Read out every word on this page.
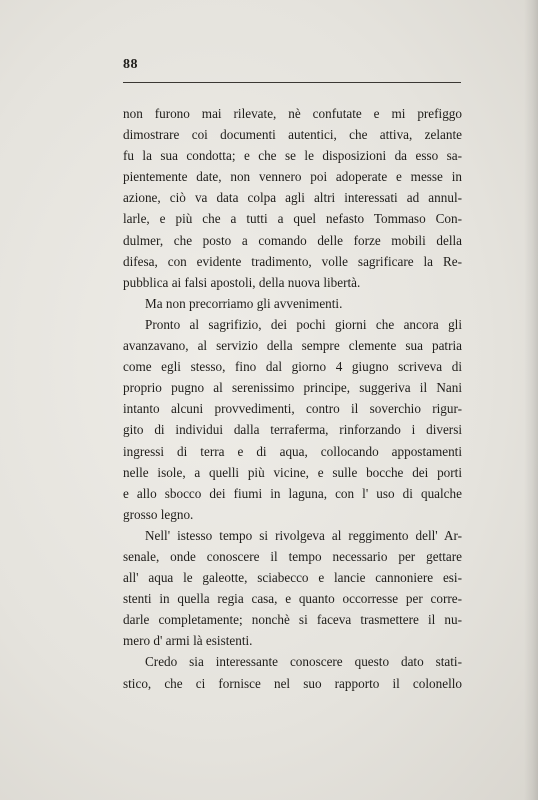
88
non furono mai rilevate, nè confutate e mi prefiggo
dimostrare coi documenti autentici, che attiva, zelante
fu la sua condotta; e che se le disposizioni da esso sa-
pientemente date, non vennero poi adoperate e messe in
azione, ciò va data colpa agli altri interessati ad annul-
larle, e più che a tutti a quel nefasto Tommaso Con-
dulmer, che posto a comando delle forze mobili della
difesa, con evidente tradimento, volle sagrificare la Re-
pubblica ai falsi apostoli, della nuova libertà.
Ma non precorriamo gli avvenimenti.
Pronto al sagrifizio, dei pochi giorni che ancora gli
avanzavano, al servizio della sempre clemente sua patria
come egli stesso, fino dal giorno 4 giugno scriveva di
proprio pugno al serenissimo principe, suggeriva il Nani
intanto alcuni provvedimenti, contro il soverchio rigur-
gito di individui dalla terraferma, rinforzando i diversi
ingressi di terra e di aqua, collocando appostamenti
nelle isole, a quelli più vicine, e sulle bocche dei porti
e allo sbocco dei fiumi in laguna, con l' uso di qualche
grosso legno.
Nell' istesso tempo si rivolgeva al reggimento dell' Ar-
senale, onde conoscere il tempo necessario per gettare
all' aqua le galeotte, sciabecco e lancie cannoniere esi-
stenti in quella regia casa, e quanto occorresse per corre-
darle completamente; nonchè si faceva trasmettere il nu-
mero d' armi là esistenti.
Credo sia interessante conoscere questo dato stati-
stico, che ci fornisce nel suo rapporto il colonello
